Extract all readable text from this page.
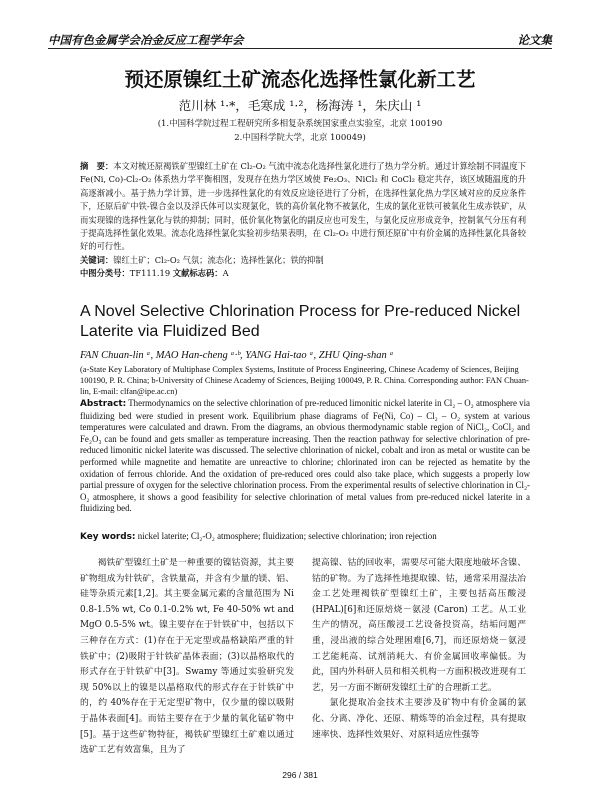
中国有色金属学会冶金反应工程学年会	论文集
预还原镍红土矿流态化选择性氯化新工艺
范川林 ¹·*，毛寒成 ¹·²，杨海涛 ¹，朱庆山 ¹
(1.中国科学院过程工程研究所多相复杂系统国家重点实验室，北京 100190
2.中国科学院大学，北京 100049)
摘　要：本文对梳还原褐铁矿型镍红土矿在 Cl₂-O₂ 气流中流态化选择性氯化进行了热力学分析。通过计算绘制不同温度下 Fe(Ni, Co)-Cl₂-O₂ 体系热力学平衡相图，发现存在热力学区域使 Fe₂O₃、NiCl₂ 和 CoCl₂ 稳定共存，该区域随温度的升高逐渐减小。基于热力学计算，进一步选择性氯化的有效反应途径进行了分析，在选择性氯化热力学区域对应的反应条件下，还原后矿中铁-镍合金以及浮氏体可以实现氯化，铁的高价氧化物不被氯化，生成的氯化亚铁可被氧化生成赤铁矿，从而实现镍的选择性氯化与铁的抑制；同时，低价氧化物氯化的副反应也可发生，与氯化反应形成竞争，控制氧气分压有利于提高选择性氯化效果。流态化选择性氯化实验初步结果表明，在 Cl₂-O₂ 中进行预还原矿中有价金属的选择性氯化具备较好的可行性。
关键词：镍红土矿；Cl₂-O₂ 气氛；流态化；选择性氯化；铁的抑制
中图分类号：TF111.19 文献标志码：A
A Novel Selective Chlorination Process for Pre-reduced Nickel Laterite via Fluidized Bed
FAN Chuan-lin ᵃ, MAO Han-cheng ᵃ·ᵇ, YANG Hai-tao ᵃ, ZHU Qing-shan ᵃ
(a-State Key Laboratory of Multiphase Complex Systems, Institute of Process Engineering, Chinese Academy of Sciences, Beijing 100190, P. R. China; b-University of Chinese Academy of Sciences, Beijing 100049, P. R. China. Corresponding author: FAN Chuan-lin, E-mail: clfan@ipe.ac.cn)
Abstract: Thermodynamics on the selective chlorination of pre-reduced limonitic nickel laterite in Cl₂ – O₂ atmosphere via fluidizing bed were studied in present work. Equilibrium phase diagrams of Fe(Ni, Co) – Cl₂ – O₂ system at various temperatures were calculated and drawn. From the diagrams, an obvious thermodynamic stable region of NiCl₂, CoCl₂ and Fe₂O₃ can be found and gets smaller as temperature increasing. Then the reaction pathway for selective chlorination of pre-reduced limonitic nickel laterite was discussed. The selective chlorination of nickel, cobalt and iron as metal or wustite can be performed while magnetite and hematite are unreactive to chlorine; chlorinated iron can be rejected as hematite by the oxidation of ferrous chloride. And the oxidation of pre-reduced ores could also take place, which suggests a properly low partial pressure of oxygen for the selective chlorination process. From the experimental results of selective chlorination in Cl₂-O₂ atmosphere, it shows a good feasibility for selective chlorination of metal values from pre-reduced nickel laterite in a fluidizing bed.
Key words: nickel laterite; Cl₂-O₂ atmosphere; fluidization; selective chlorination; iron rejection

褐铁矿型镍红土矿是一种重要的镍钴资源，其主要矿物组成为针铁矿，含铁量高，并含有少量的镁、铝、硅等杂质元素[1,2]。其主要金属元素的含量范围为 Ni 0.8-1.5% wt, Co 0.1-0.2% wt, Fe 40-50% wt and MgO 0.5-5% wt。镍主要存在于针铁矿中，包括以下三种存在方式：(1)存在于无定型或晶格缺陷严重的针铁矿中；(2)吸附于针铁矿晶体表面；(3)以晶格取代的形式存在于针铁矿中[3]。Swamy 等通过实验研究发现 50%以上的镍是以晶格取代的形式存在于针铁矿中的，约 40%存在于无定型矿物中，仅少量的镍以吸附于晶体表面[4]。而钴主要存在于少量的氧化锰矿物中[5]。基于这些矿物特征，褐铁矿型镍红土矿难以通过选矿工艺有效富集，且为了

提高镍、钴的回收率，需要尽可能大限度地破坏含镍、钴的矿物。为了选择性地提取镍、钴，通常采用湿法冶金工艺处理褐铁矿型镍红土矿，主要包括高压酸浸(HPAL)[6]和还原焙烧－氨浸 (Caron) 工艺。从工业生产的情况，高压酸浸工艺设备投资高，结垢问题严重，浸出液的综合处理困难[6,7]，而还原焙烧－氨浸工艺能耗高、试剂消耗大、有价金属回收率偏低。为此，国内外科研人员和相关机构一方面积极改进现有工艺，另一方面不断研发镍红土矿的合理新工艺。

氯化提取冶金技术主要涉及矿物中有价金属的氯化、分离、净化、还原、精炼等的冶金过程，具有提取速率快、选择性效果好、对原料适应性强等

296 / 381
